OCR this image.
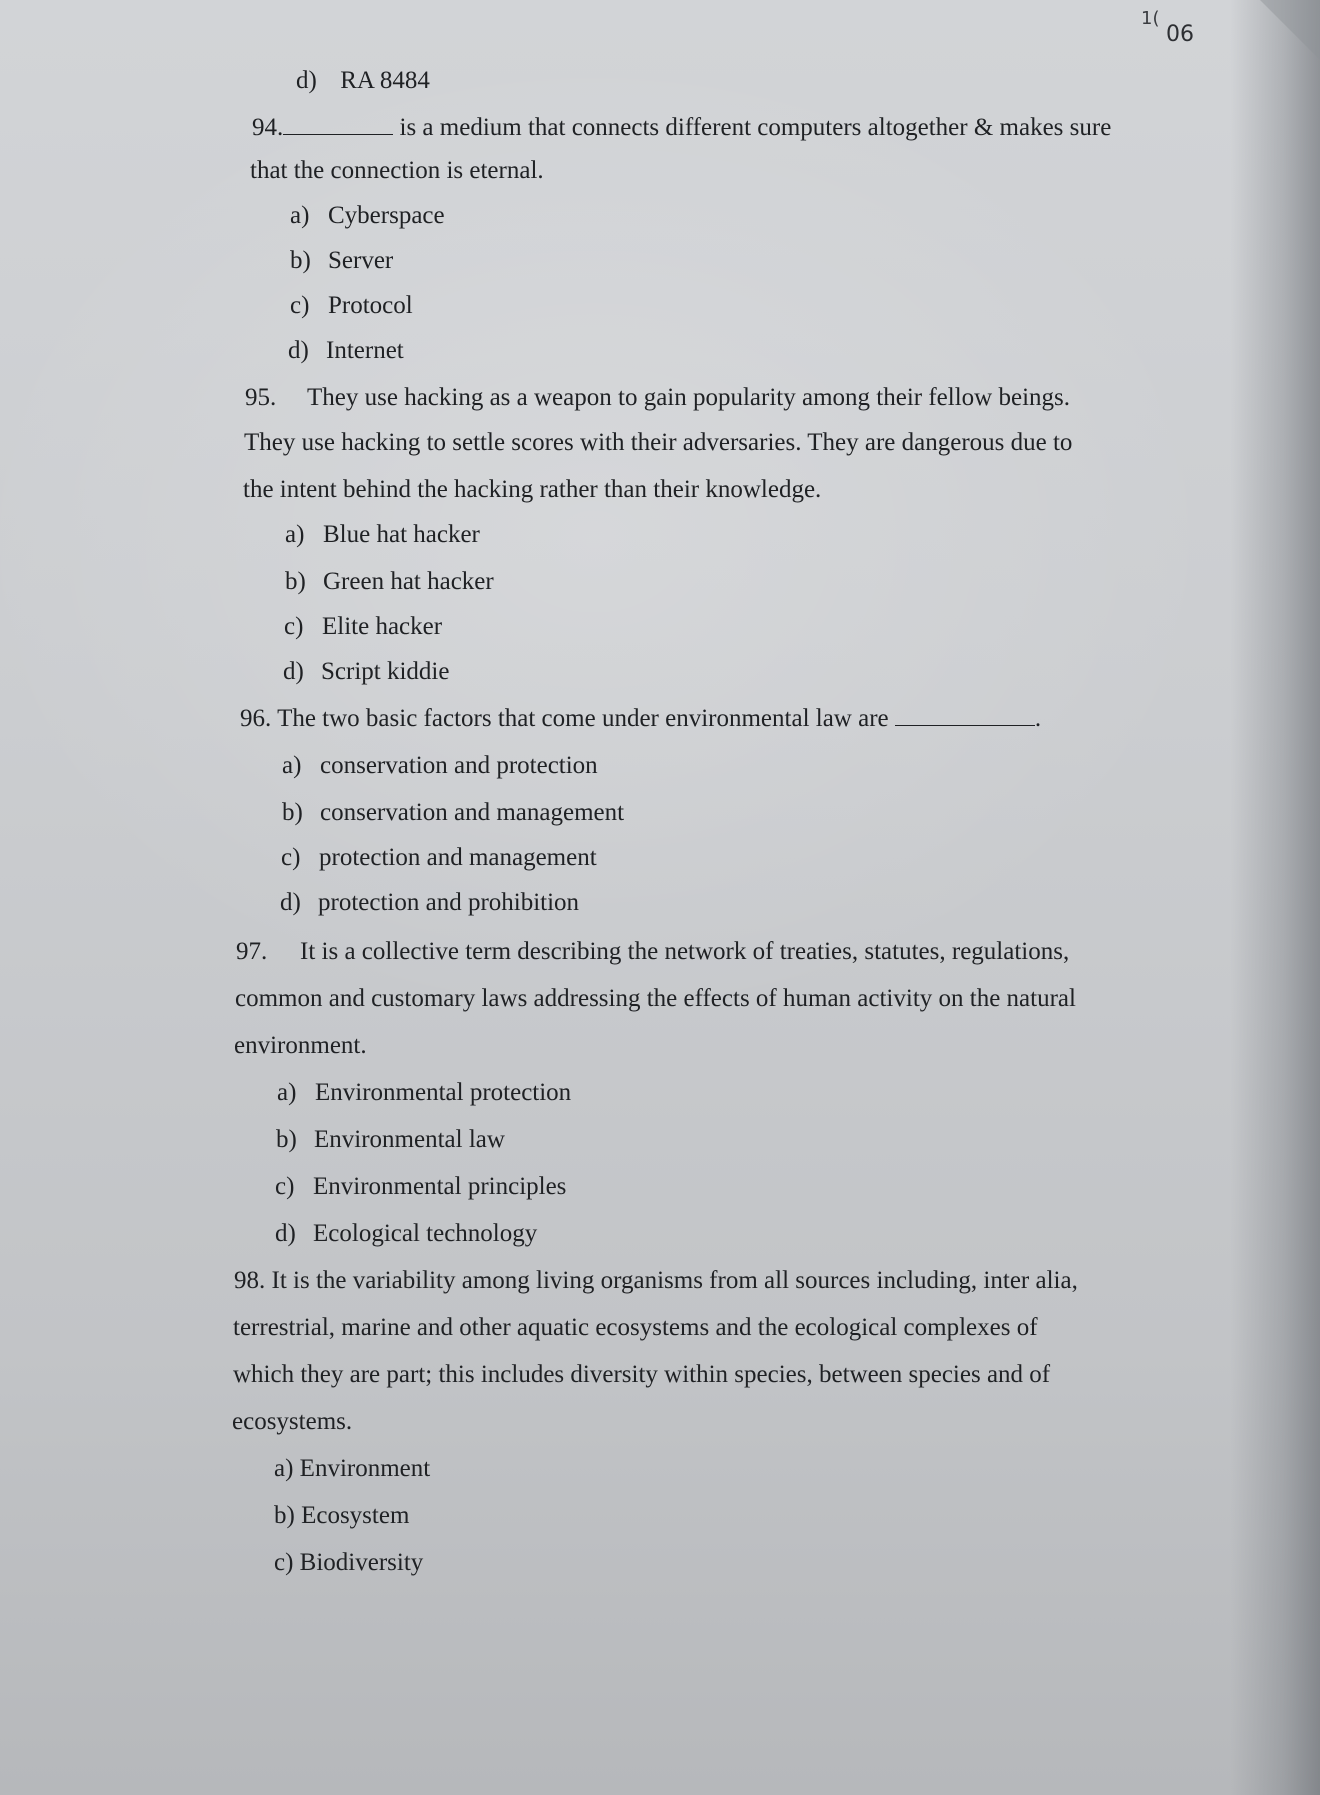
1(
06
d) RA 8484
94.	is a medium that connects different computers altogether & makes sure
that the connection is eternal.
a) Cyberspace
b) Server
c) Protocol
d) Internet
95. They use hacking as a weapon to gain popularity among their fellow beings.
They use hacking to settle scores with their adversaries. They are dangerous due to
the intent behind the hacking rather than their knowledge.
a) Blue hat hacker
b) Green hat hacker
c) Elite hacker
d) Script kiddie
96. The two basic factors that come under environmental law are	.
a) conservation and protection
b) conservation and management
c) protection and management
d) protection and prohibition
97. It is a collective term describing the network of treaties, statutes, regulations,
common and customary laws addressing the effects of human activity on the natural
environment.
a) Environmental protection
b) Environmental law
c) Environmental principles
d) Ecological technology
98. It is the variability among living organisms from all sources including, inter alia,
terrestrial, marine and other aquatic ecosystems and the ecological complexes of
which they are part; this includes diversity within species, between species and of
ecosystems.
a) Environment
b) Ecosystem
c) Biodiversity
